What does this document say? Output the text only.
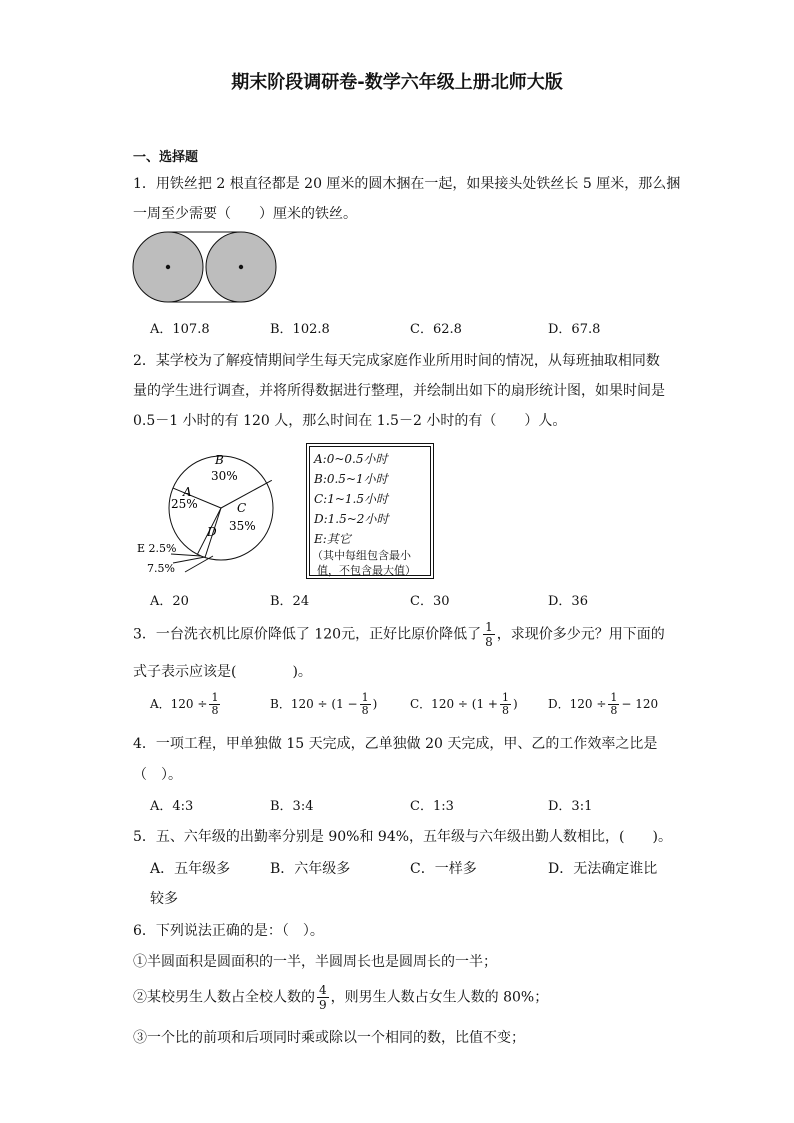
期末阶段调研卷-数学六年级上册北师大版
一、选择题
1．用铁丝把 2 根直径都是 20 厘米的圆木捆在一起，如果接头处铁丝长 5 厘米，那么捆
一周至少需要（　　）厘米的铁丝。
A．107.8	B．102.8	C．62.8	D．67.8
2．某学校为了解疫情期间学生每天完成家庭作业所用时间的情况，从每班抽取相同数
量的学生进行调查，并将所得数据进行整理，并绘制出如下的扇形统计图，如果时间是
0.5－1 小时的有 120 人，那么时间在 1.5－2 小时的有（　　）人。
B
30%
A
25%	C
35%
D
E 2.5%
7.5%
A:0~0.5小时
B:0.5~1小时
C:1~1.5小时
D:1.5~2小时
E:其它
（其中每组包含最小
值，不包含最大值）
A．20	B．24	C．30	D．36
3．一台洗衣机比原价降低了 120元，正好比原价降低了 $\frac{1}{8}$ ，求现价多少元？用下面的
式子表示应该是(　　　　)。
A．$120 \div \frac{1}{8}$	B．$120 \div (1 - \frac{1}{8}$ )	C．$120 \div (1 + \frac{1}{8}$ )	D．$120 \div \frac{1}{8} - 120$
4．一项工程，甲单独做 15 天完成，乙单独做 20 天完成，甲、乙的工作效率之比是
（　）。
A．4:3	B．3:4	C．1:3	D．3:1
5．五、六年级的出勤率分别是 90%和 94%，五年级与六年级出勤人数相比，(　　)。
A．五年级多	B．六年级多	C．一样多	D．无法确定谁比
较多
6．下列说法正确的是：（　）。
①半圆面积是圆面积的一半，半圆周长也是圆周长的一半；
②某校男生人数占全校人数的 $\frac{4}{9}$ ，则男生人数占女生人数的 80%；
③一个比的前项和后项同时乘或除以一个相同的数，比值不变；
